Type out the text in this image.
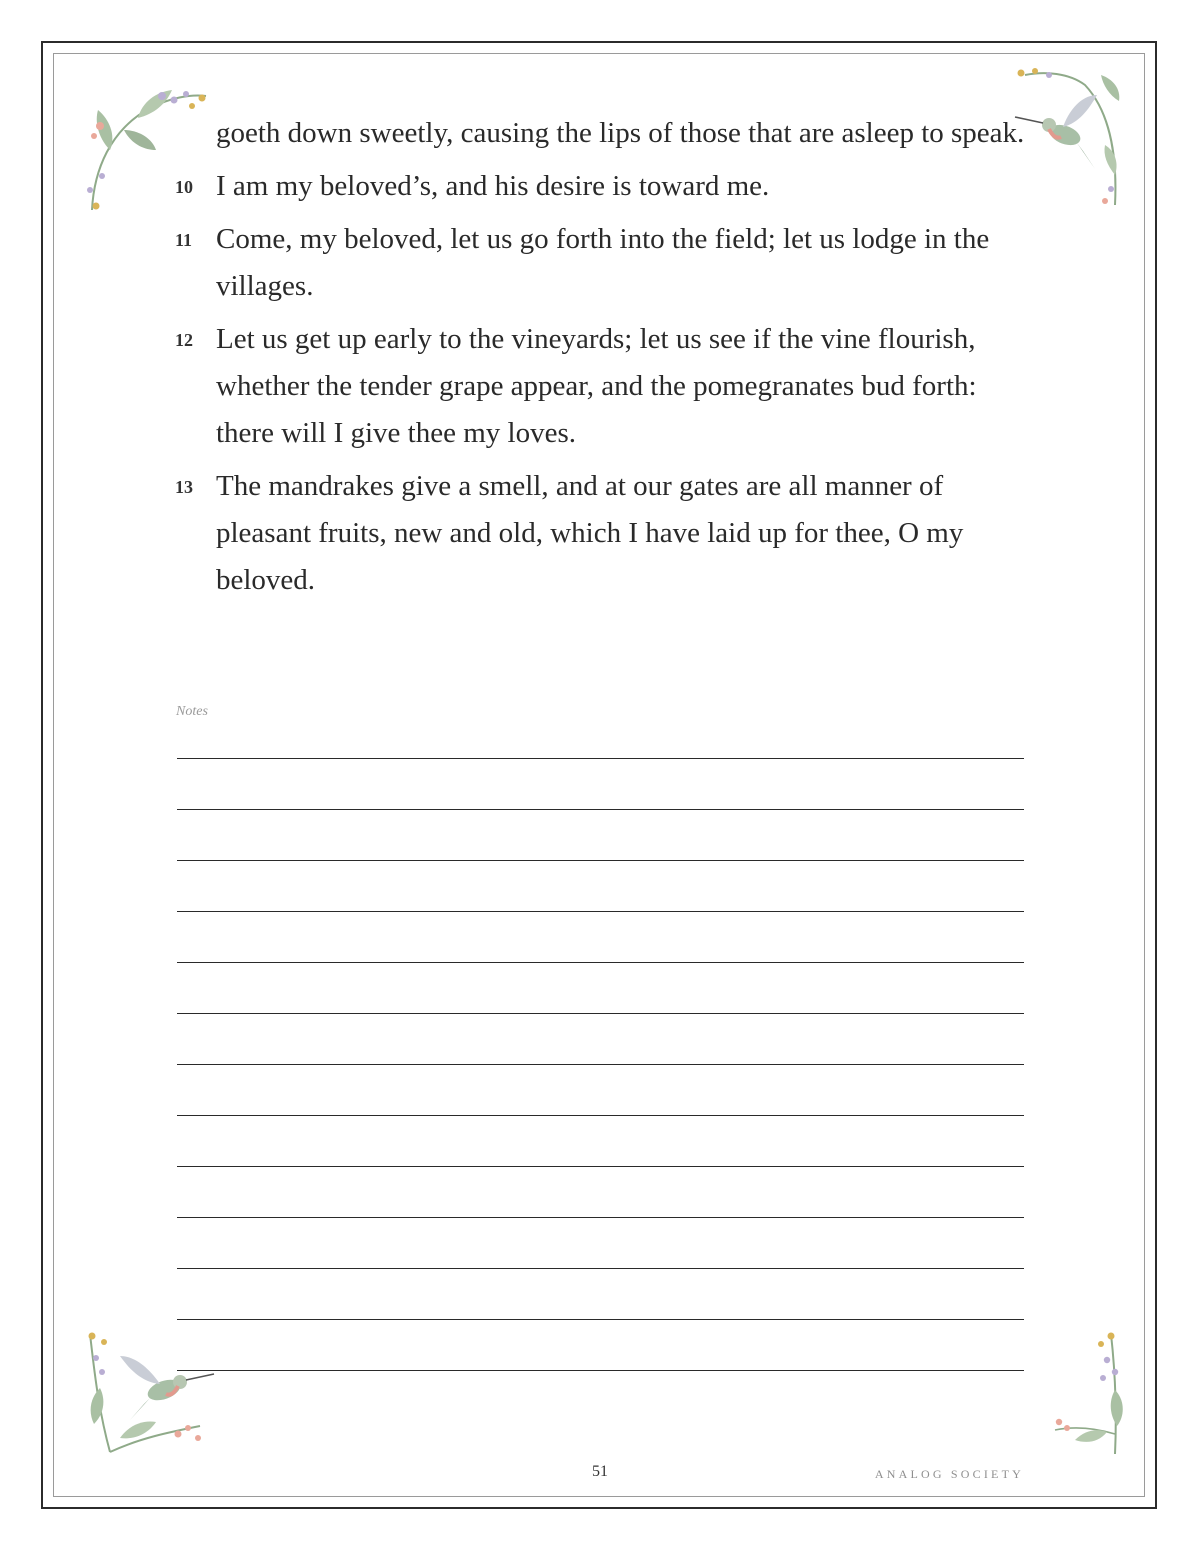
goeth down sweetly, causing the lips of those that are asleep to speak.
10 I am my beloved’s, and his desire is toward me.
11 Come, my beloved, let us go forth into the field; let us lodge in the villages.
12 Let us get up early to the vineyards; let us see if the vine flourish, whether the tender grape appear, and the pomegranates bud forth: there will I give thee my loves.
13 The mandrakes give a smell, and at our gates are all manner of pleasant fruits, new and old, which I have laid up for thee, O my beloved.
Notes
51	ANALOG SOCIETY
